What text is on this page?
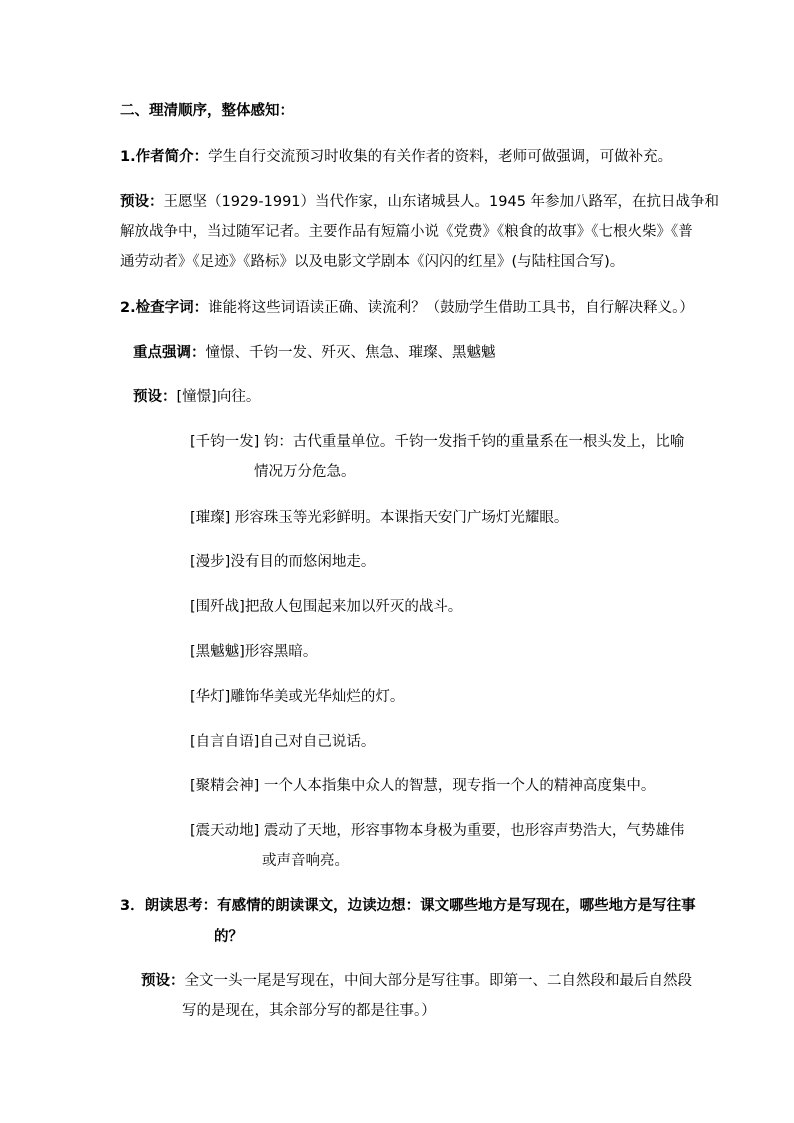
二、理清顺序，整体感知：
1.作者简介：学生自行交流预习时收集的有关作者的资料，老师可做强调，可做补充。
预设：王愿坚（1929-1991）当代作家，山东诸城县人。1945 年参加八路军，在抗日战争和
解放战争中，当过随军记者。主要作品有短篇小说《党费》《粮食的故事》《七根火柴》《普
通劳动者》《足迹》《路标》以及电影文学剧本《闪闪的红星》(与陆柱国合写)。
2.检查字词：谁能将这些词语读正确、读流利？（鼓励学生借助工具书，自行解决释义。）
重点强调：憧憬、千钧一发、歼灭、焦急、璀璨、黑魆魆
预设：[憧憬]向往。
[千钧一发] 钧：古代重量单位。千钧一发指千钧的重量系在一根头发上，比喻
情况万分危急。
[璀璨] 形容珠玉等光彩鲜明。本课指天安门广场灯光耀眼。
[漫步]没有目的而悠闲地走。
[围歼战]把敌人包围起来加以歼灭的战斗。
[黑魆魆]形容黑暗。
[华灯]雕饰华美或光华灿烂的灯。
[自言自语]自己对自己说话。
[聚精会神] 一个人本指集中众人的智慧，现专指一个人的精神高度集中。
[震天动地] 震动了天地，形容事物本身极为重要，也形容声势浩大，气势雄伟
或声音响亮。
3．朗读思考：有感情的朗读课文，边读边想：课文哪些地方是写现在，哪些地方是写往事
的？
预设：全文一头一尾是写现在，中间大部分是写往事。即第一、二自然段和最后自然段
写的是现在，其余部分写的都是往事。）
